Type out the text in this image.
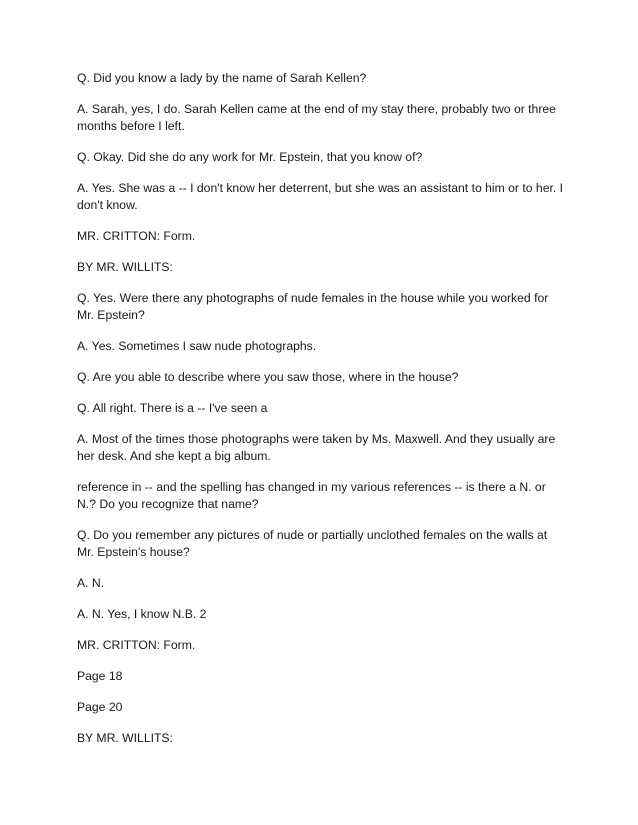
Q. Did you know a lady by the name of Sarah Kellen?

A. Sarah, yes, I do. Sarah Kellen came at the end of my stay there, probably two or three months before I left.

Q. Okay. Did she do any work for Mr. Epstein, that you know of?

A. Yes. She was a -- I don't know her deterrent, but she was an assistant to him or to her. I don't know.

MR. CRITTON: Form.

BY MR. WILLITS:

Q. Yes. Were there any photographs of nude females in the house while you worked for Mr. Epstein?

A. Yes. Sometimes I saw nude photographs.

Q. Are you able to describe where you saw those, where in the house?

Q. All right. There is a -- I've seen a

A. Most of the times those photographs were taken by Ms. Maxwell. And they usually are her desk. And she kept a big album.

reference in -- and the spelling has changed in my various references -- is there a N. or N.? Do you recognize that name?

Q. Do you remember any pictures of nude or partially unclothed females on the walls at Mr. Epstein's house?

A. N.

A. N. Yes, I know N.B. 2

MR. CRITTON: Form.

Page 18

Page 20

BY MR. WILLITS:
